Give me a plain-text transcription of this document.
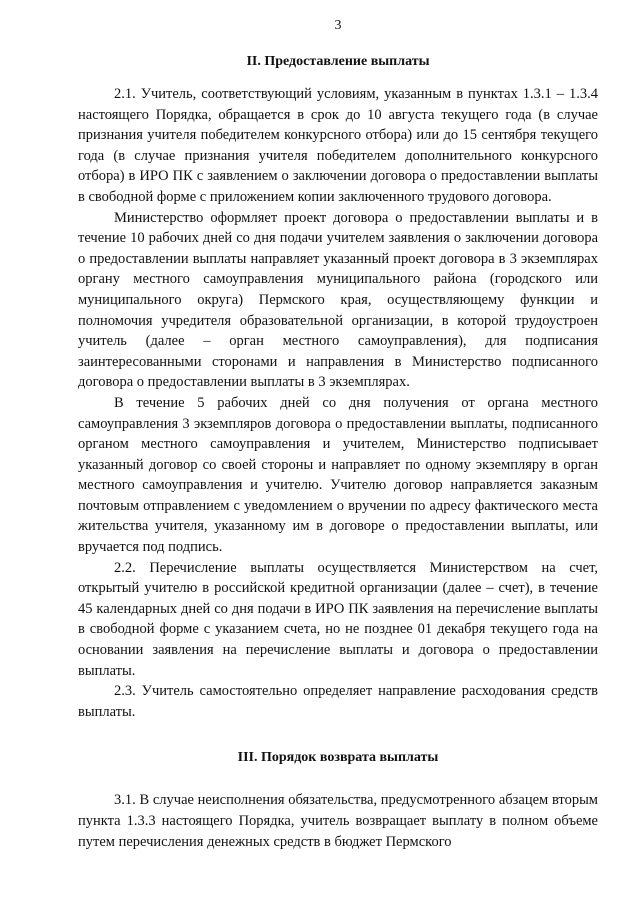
3
II. Предоставление выплаты

2.1. Учитель, соответствующий условиям, указанным в пунктах 1.3.1 – 1.3.4 настоящего Порядка, обращается в срок до 10 августа текущего года (в случае признания учителя победителем конкурсного отбора) или до 15 сентября текущего года (в случае признания учителя победителем дополнительного конкурсного отбора) в ИРО ПК с заявлением о заключении договора о предоставлении выплаты в свободной форме с приложением копии заключенного трудового договора.

Министерство оформляет проект договора о предоставлении выплаты и в течение 10 рабочих дней со дня подачи учителем заявления о заключении договора о предоставлении выплаты направляет указанный проект договора в 3 экземплярах органу местного самоуправления муниципального района (городского или муниципального округа) Пермского края, осуществляющему функции и полномочия учредителя образовательной организации, в которой трудоустроен учитель (далее – орган местного самоуправления), для подписания заинтересованными сторонами и направления в Министерство подписанного договора о предоставлении выплаты в 3 экземплярах.

В течение 5 рабочих дней со дня получения от органа местного самоуправления 3 экземпляров договора о предоставлении выплаты, подписанного органом местного самоуправления и учителем, Министерство подписывает указанный договор со своей стороны и направляет по одному экземпляру в орган местного самоуправления и учителю. Учителю договор направляется заказным почтовым отправлением с уведомлением о вручении по адресу фактического места жительства учителя, указанному им в договоре о предоставлении выплаты, или вручается под подпись.

2.2. Перечисление выплаты осуществляется Министерством на счет, открытый учителю в российской кредитной организации (далее – счет), в течение 45 календарных дней со дня подачи в ИРО ПК заявления на перечисление выплаты в свободной форме с указанием счета, но не позднее 01 декабря текущего года на основании заявления на перечисление выплаты и договора о предоставлении выплаты.

2.3. Учитель самостоятельно определяет направление расходования средств выплаты.

III. Порядок возврата выплаты

3.1. В случае неисполнения обязательства, предусмотренного абзацем вторым пункта 1.3.3 настоящего Порядка, учитель возвращает выплату в полном объеме путем перечисления денежных средств в бюджет Пермского
